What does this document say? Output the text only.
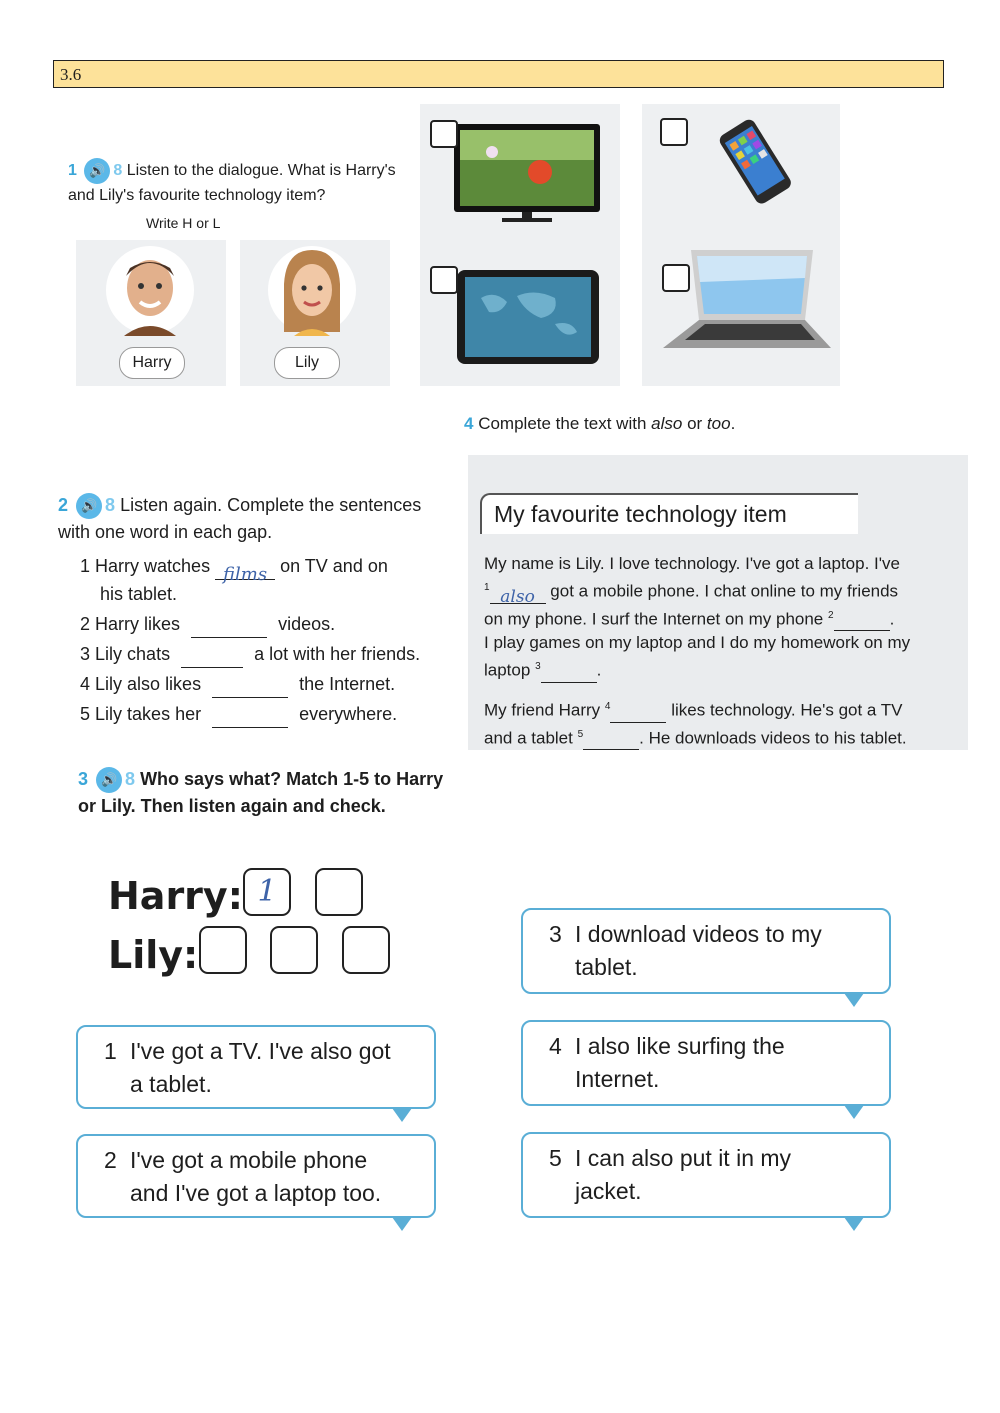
3.6
1 🔊 8 Listen to the dialogue. What is Harry's and Lily's favourite technology item?
Write H or L
Harry	Lily
4 Complete the text with also or too.
My favourite technology item
My name is Lily. I love technology. I've got a laptop. I've
$^1$ also got a mobile phone. I chat online to my friends
on my phone. I surf the Internet on my phone $^2$	.
I play games on my laptop and I do my homework on my
laptop $^3$	.
My friend Harry $^4$	likes technology. He's got a TV
and a tablet $^5$	. He downloads videos to his tablet.
2 🔊 8 Listen again. Complete the sentences with one word in each gap.
1 Harry watches films on TV and on
his tablet.
2 Harry likes	videos.
3 Lily chats	a lot with her friends.
4 Lily also likes	the Internet.
5 Lily takes her	everywhere.
3 🔊 8 Who says what? Match 1-5 to Harry or Lily. Then listen again and check.
Harry: 1
Lily:
1 I've got a TV. I've also got
a tablet.
2 I've got a mobile phone
and I've got a laptop too.
3 I download videos to my
tablet.
4 I also like surfing the
Internet.
5 I can also put it in my
jacket.
